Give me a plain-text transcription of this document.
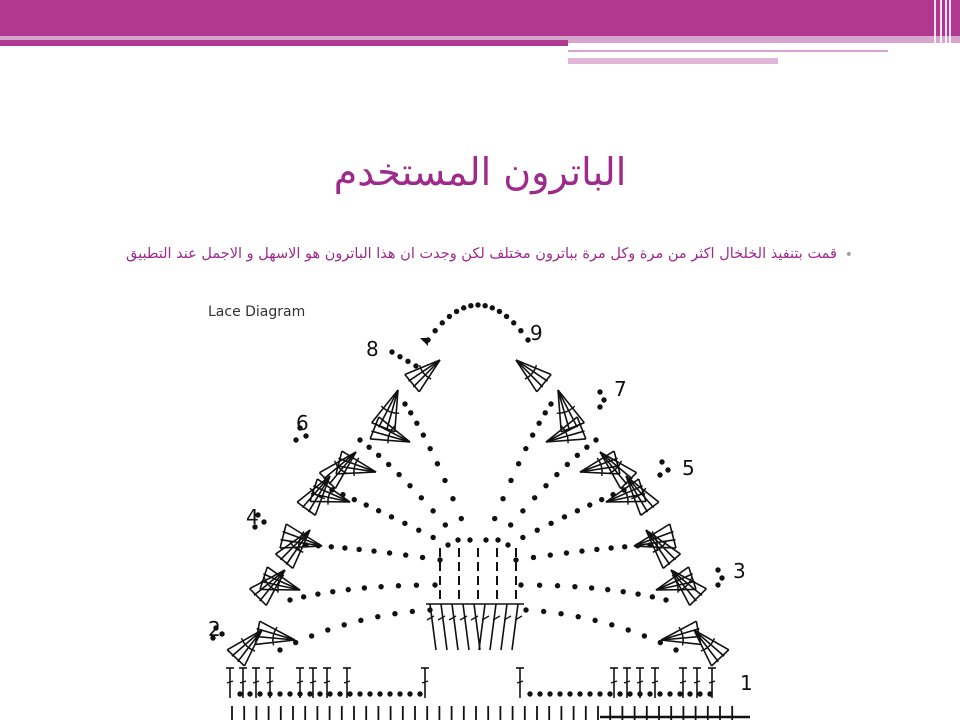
الباترون المستخدم
•
قمت بتنفيذ الخلخال اكثر من مرة وكل مرة بباترون مختلف لكن وجدت ان هذا الباترون هو الاسهل و الاجمل عند التطبيق
Lace Diagram
1
2
3
4
5
6
7
8
9
